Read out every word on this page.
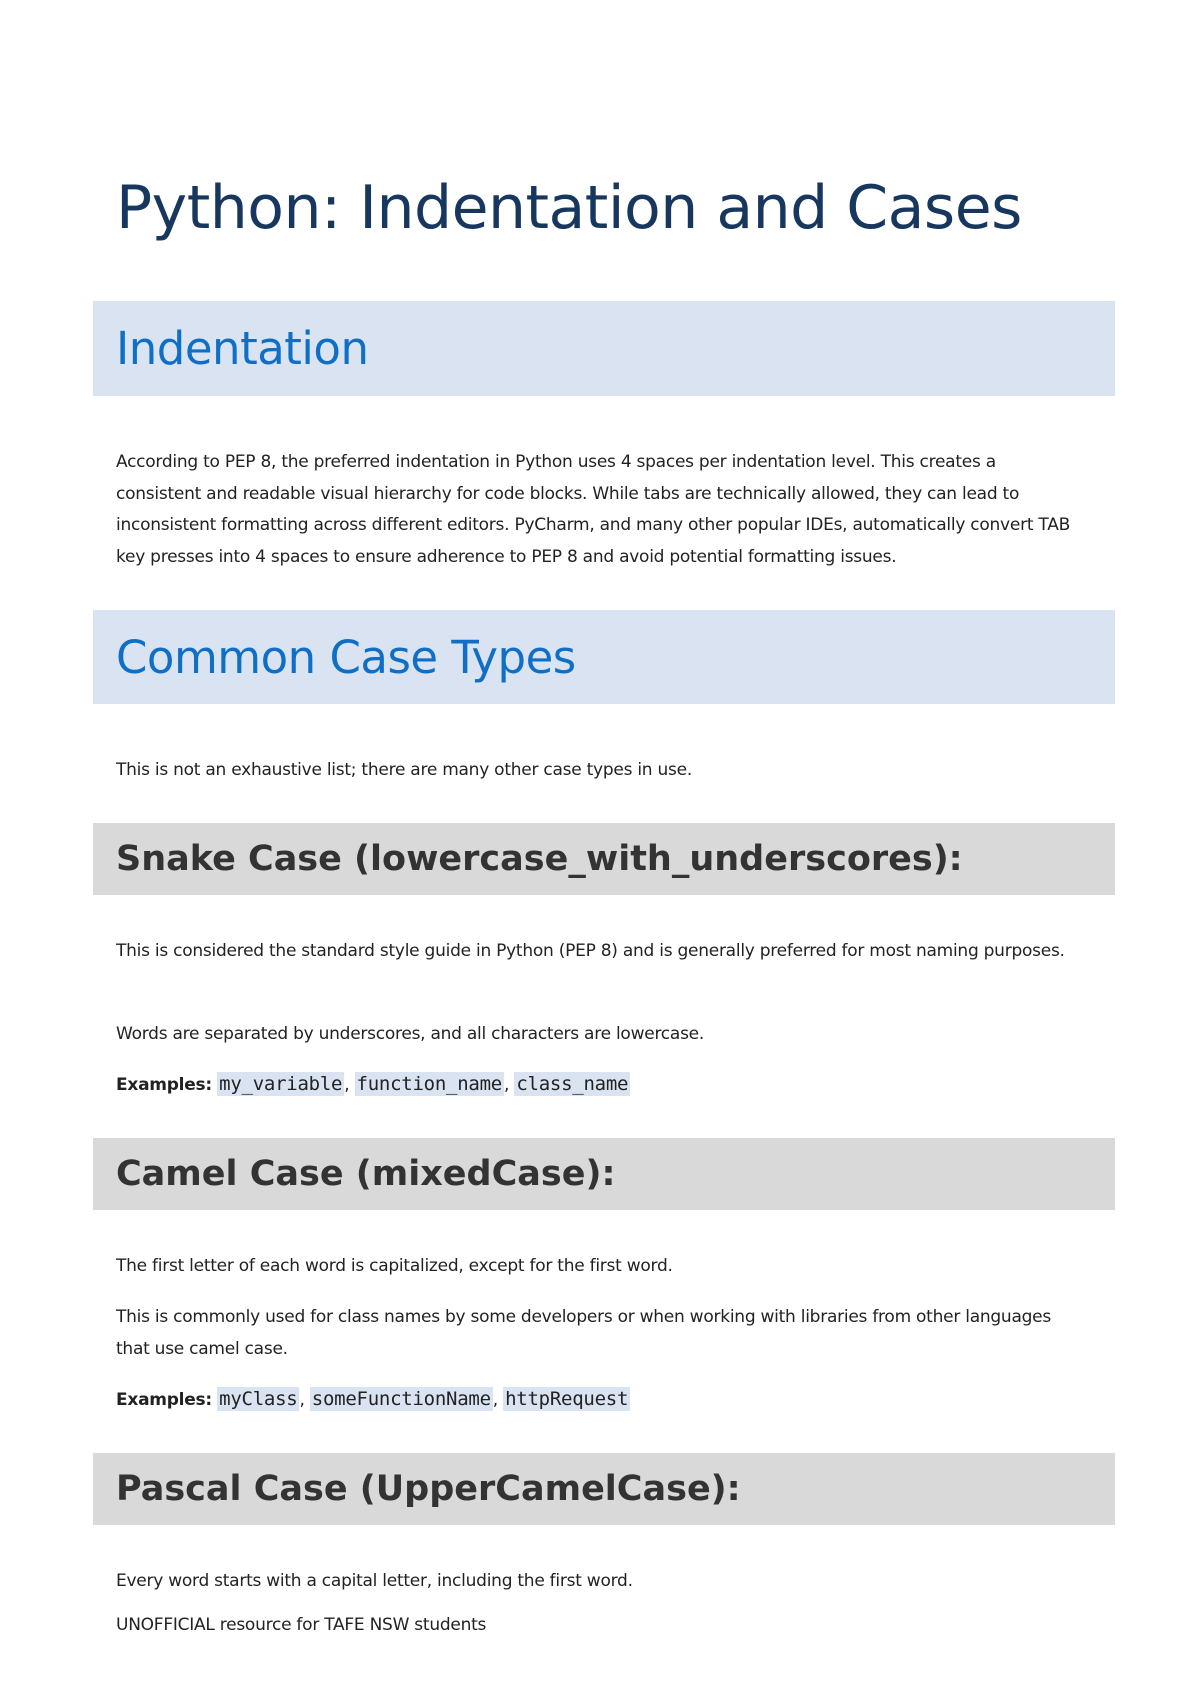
Python: Indentation and Cases
Indentation

According to PEP 8, the preferred indentation in Python uses 4 spaces per indentation level. This creates a consistent and readable visual hierarchy for code blocks. While tabs are technically allowed, they can lead to inconsistent formatting across different editors. PyCharm, and many other popular IDEs, automatically convert TAB key presses into 4 spaces to ensure adherence to PEP 8 and avoid potential formatting issues.

Common Case Types

This is not an exhaustive list; there are many other case types in use.

Snake Case (lowercase_with_underscores):

This is considered the standard style guide in Python (PEP 8) and is generally preferred for most naming purposes.

Words are separated by underscores, and all characters are lowercase.

Examples: my_variable , function_name , class_name

Camel Case (mixedCase):

The first letter of each word is capitalized, except for the first word.

This is commonly used for class names by some developers or when working with libraries from other languages that use camel case.

Examples: myClass , someFunctionName , httpRequest

Pascal Case (UpperCamelCase):

Every word starts with a capital letter, including the first word.

UNOFFICIAL resource for TAFE NSW students
